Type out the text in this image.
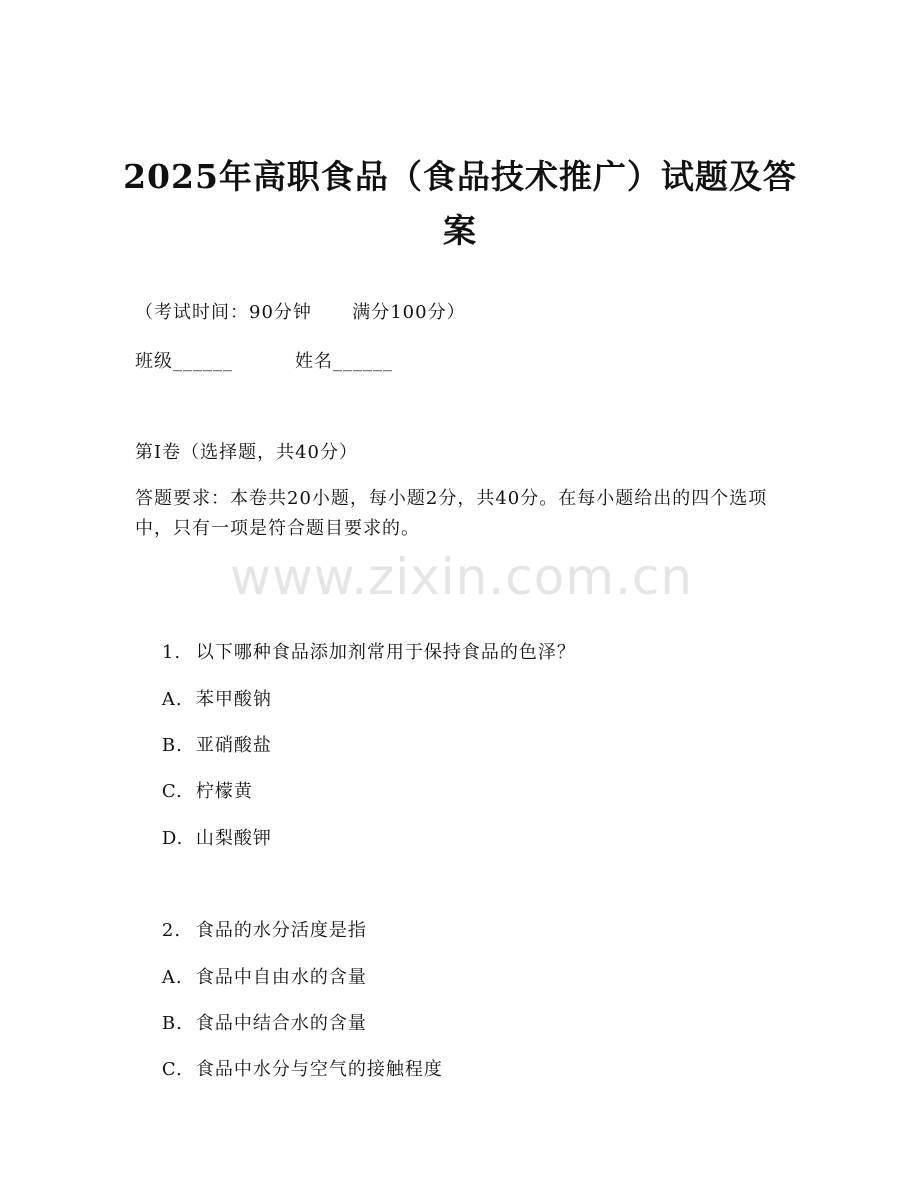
2025年高职食品（食品技术推广）试题及答案
（考试时间：90分钟      满分100分）
班级______	姓名______
第I卷（选择题，共40分）
答题要求：本卷共20小题，每小题2分，共40分。在每小题给出的四个选项中，只有一项是符合题目要求的。
www.zixin.com.cn

1. 以下哪种食品添加剂常用于保持食品的色泽？

A. 苯甲酸钠

B. 亚硝酸盐

C. 柠檬黄

D. 山梨酸钾

2. 食品的水分活度是指

A. 食品中自由水的含量

B. 食品中结合水的含量

C. 食品中水分与空气的接触程度
